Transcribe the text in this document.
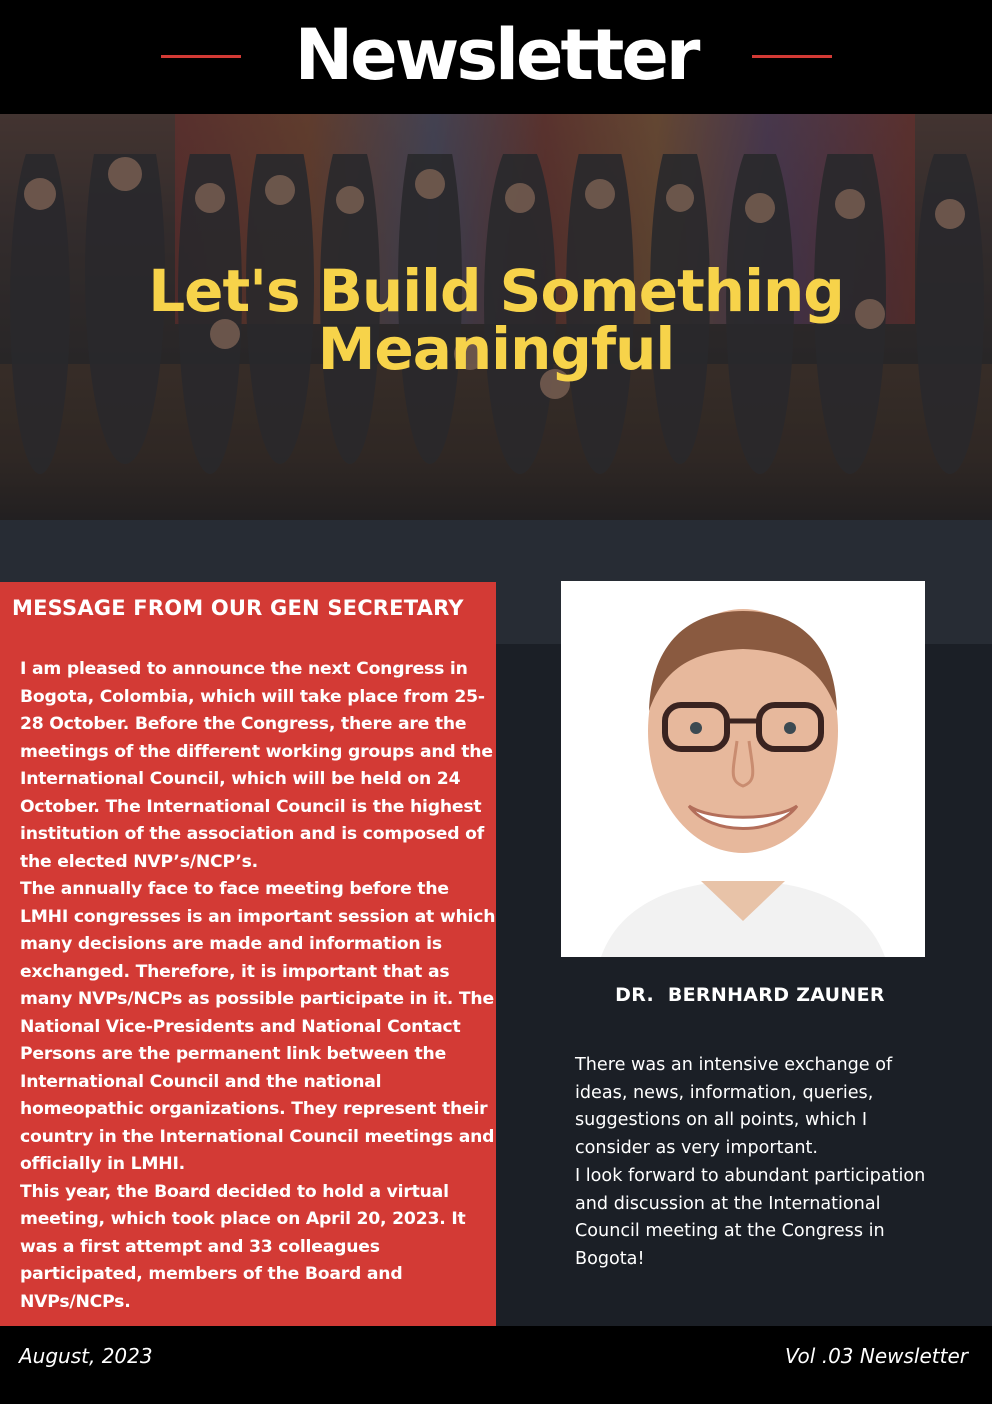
Newsletter
Let's Build Something
Meaningful
MESSAGE FROM OUR GEN SECRETARY

I am pleased to announce the next Congress in Bogota, Colombia, which will take place from 25-28 October. Before the Congress, there are the meetings of the different working groups and the International Council, which will be held on 24 October. The International Council is the highest institution of the association and is composed of the elected NVP’s/NCP’s.

The annually face to face meeting before the LMHI congresses is an important session at which many decisions are made and information is exchanged. Therefore, it is important that as many NVPs/NCPs as possible participate in it. The National Vice-Presidents and National Contact Persons are the permanent link between the International Council and the national homeopathic organizations. They represent their country in the International Council meetings and officially in LMHI.

This year, the Board decided to hold a virtual meeting, which took place on April 20, 2023. It was a first attempt and 33 colleagues participated, members of the Board and NVPs/NCPs.

DR.  BERNHARD ZAUNER

There was an intensive exchange of ideas, news, information, queries, suggestions on all points, which I consider as very important.

I look forward to abundant participation and discussion at the International Council meeting at the Congress in Bogota!

August, 2023	Vol .03 Newsletter
